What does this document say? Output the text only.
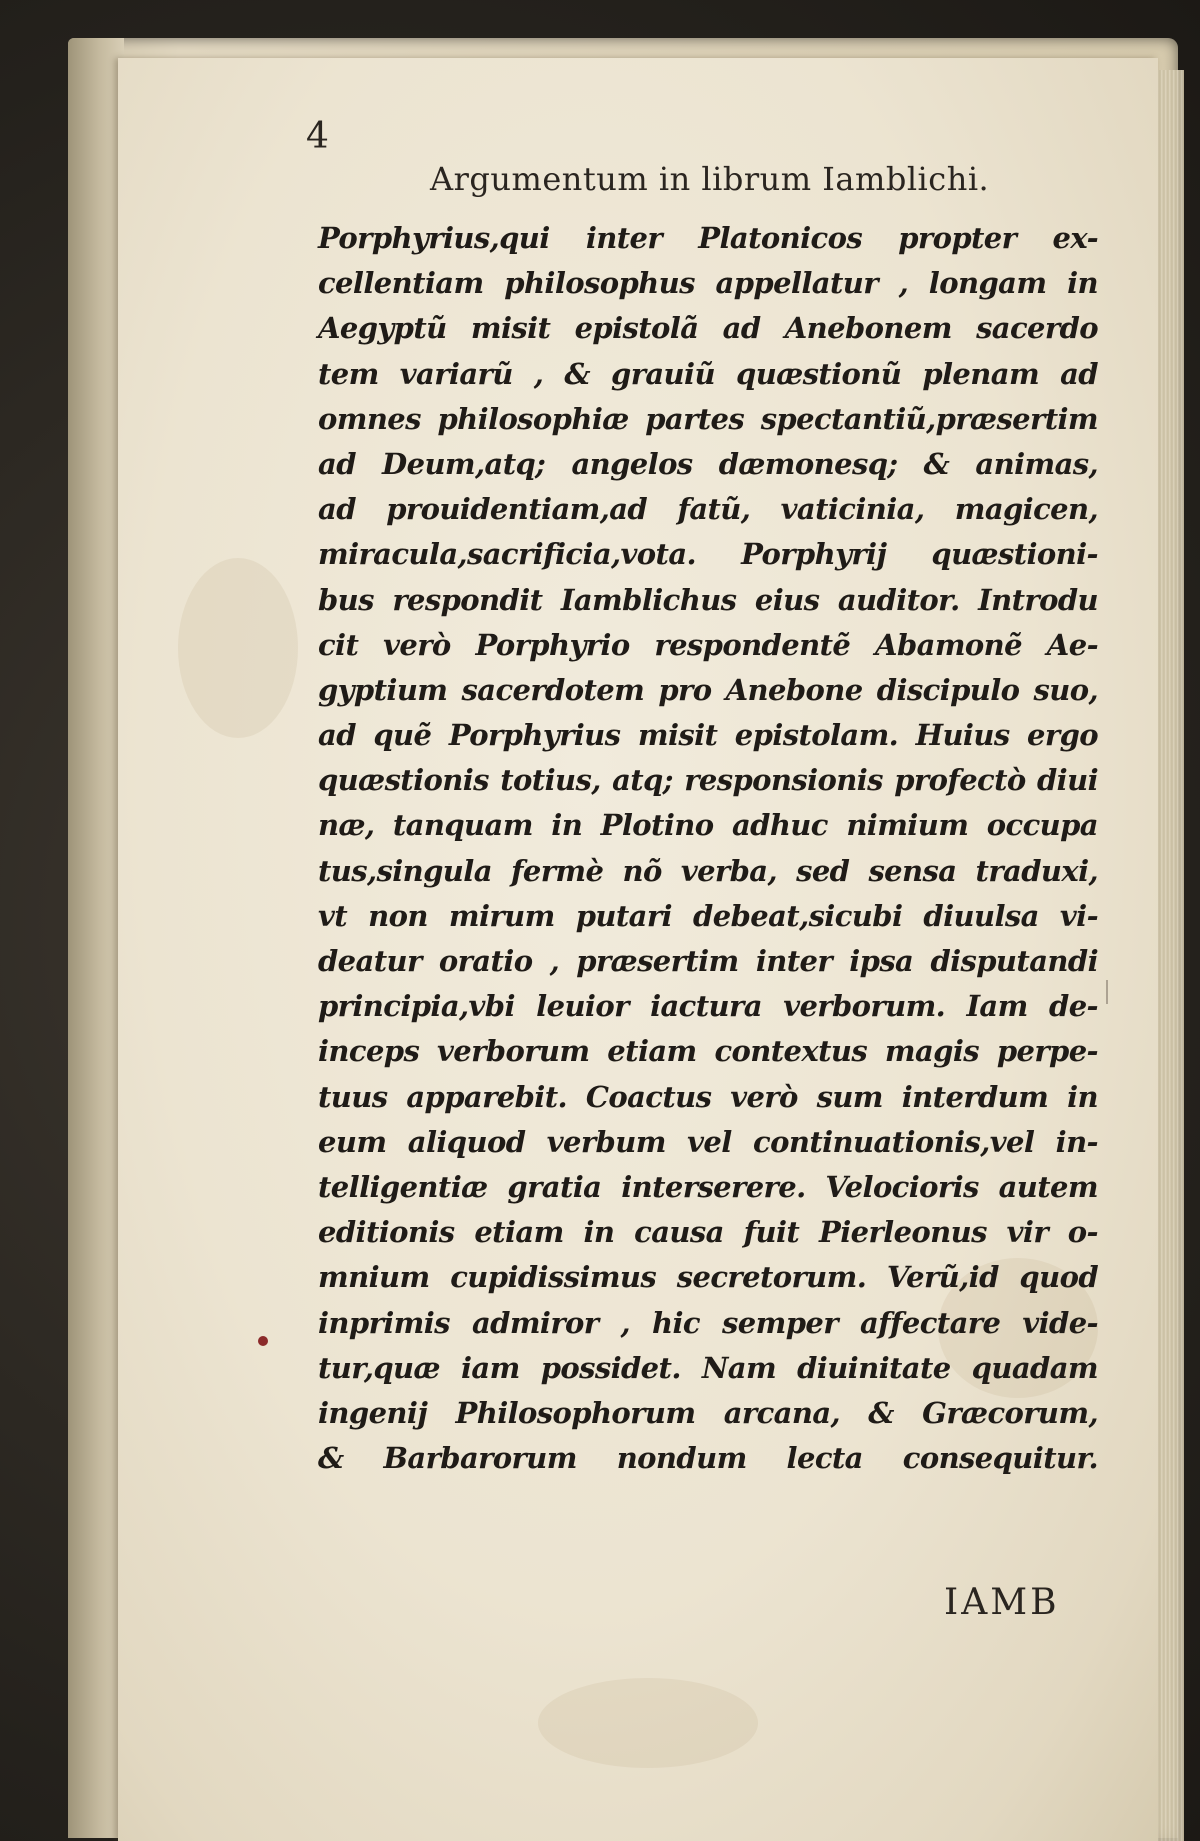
4

Argumentum in librum Iamblichi.

Porphyrius,qui inter Platonicos propter ex-
cellentiam philosophus appellatur , longam in
Aegyptũ misit epistolã ad Anebonem sacerdo
tem variarũ , & grauiũ quæstionũ plenam ad
omnes philosophiæ partes spectantiũ,præsertim
ad Deum,atq; angelos dæmonesq; & animas,
ad prouidentiam,ad fatũ, vaticinia, magicen,
miracula,sacrificia,vota. Porphyrij quæstioni-
bus respondit Iamblichus eius auditor. Introdu
cit verò Porphyrio respondentẽ Abamonẽ Ae-
gyptium sacerdotem pro Anebone discipulo suo,
ad quẽ Porphyrius misit epistolam. Huius ergo
quæstionis totius, atq; responsionis profectò diui
næ, tanquam in Plotino adhuc nimium occupa
tus,singula fermè nõ verba, sed sensa traduxi,
vt non mirum putari debeat,sicubi diuulsa vi-
deatur oratio , præsertim inter ipsa disputandi
principia,vbi leuior iactura verborum. Iam de-
inceps verborum etiam contextus magis perpe-
tuus apparebit. Coactus verò sum interdum in
eum aliquod verbum vel continuationis,vel in-
telligentiæ gratia interserere. Velocioris autem
editionis etiam in causa fuit Pierleonus vir o-
mnium cupidissimus secretorum. Verũ,id quod
inprimis admiror , hic semper affectare vide-
tur,quæ iam possidet. Nam diuinitate quadam
ingenij Philosophorum arcana, & Græcorum,
& Barbarorum nondum lecta consequitur.

IAMB
